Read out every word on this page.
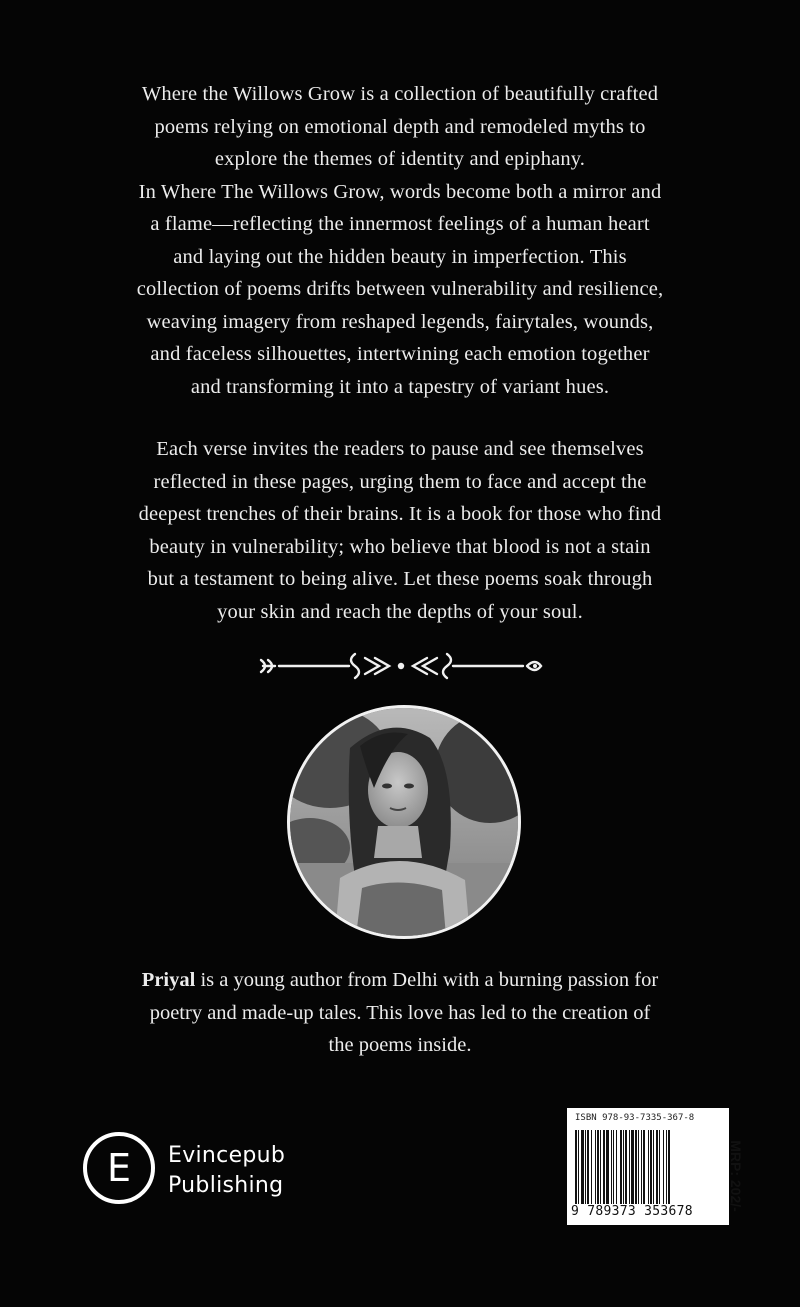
Where the Willows Grow is a collection of beautifully crafted
poems relying on emotional depth and remodeled myths to
explore the themes of identity and epiphany.
In Where The Willows Grow, words become both a mirror and
a flame—reflecting the innermost feelings of a human heart
and laying out the hidden beauty in imperfection. This
collection of poems drifts between vulnerability and resilience,
weaving imagery from reshaped legends, fairytales, wounds,
and faceless silhouettes, intertwining each emotion together
and transforming it into a tapestry of variant hues.

Each verse invites the readers to pause and see themselves
reflected in these pages, urging them to face and accept the
deepest trenches of their brains. It is a book for those who find
beauty in vulnerability; who believe that blood is not a stain
but a testament to being alive. Let these poems soak through
your skin and reach the depths of your soul.

Priyal is a young author from Delhi with a burning passion for
poetry and made-up tales. This love has led to the creation of
the poems inside.
E Evincepub
Publishing
ISBN 978-93-7335-367-8
9 789373 353678	MRP: 202/-
